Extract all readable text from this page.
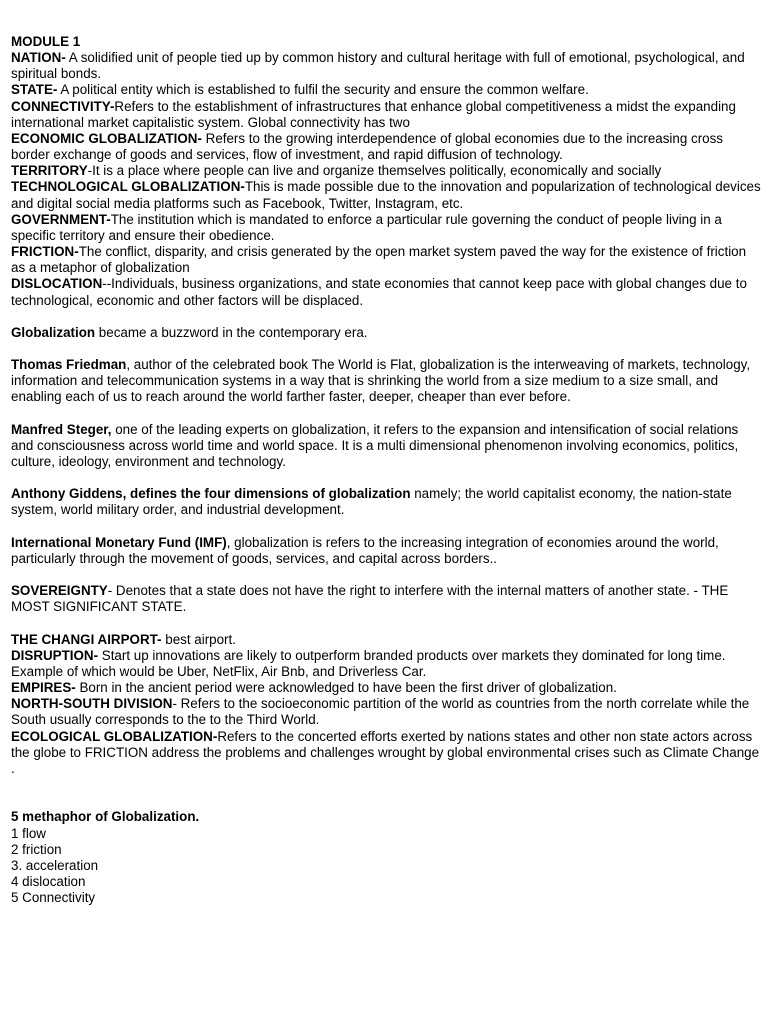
MODULE 1

NATION- A solidified unit of people tied up by common history and cultural heritage with full of emotional, psychological, and spiritual bonds.

STATE- A political entity which is established to fulfil the security and ensure the common welfare.

CONNECTIVITY-Refers to the establishment of infrastructures that enhance global competitiveness a midst the expanding international market capitalistic system. Global connectivity has two

ECONOMIC GLOBALIZATION- Refers to the growing interdependence of global economies due to the increasing cross border exchange of goods and services, flow of investment, and rapid diffusion of technology.

TERRITORY-It is a place where people can live and organize themselves politically, economically and socially

TECHNOLOGICAL GLOBALIZATION-This is made possible due to the innovation and popularization of technological devices and digital social media platforms such as Facebook, Twitter, Instagram, etc.

GOVERNMENT-The institution which is mandated to enforce a particular rule governing the conduct of people living in a specific territory and ensure their obedience.

FRICTION-The conflict, disparity, and crisis generated by the open market system paved the way for the existence of friction as a metaphor of globalization

DISLOCATION--Individuals, business organizations, and state economies that cannot keep pace with global changes due to technological, economic and other factors will be displaced.

Globalization became a buzzword in the contemporary era.

Thomas Friedman, author of the celebrated book The World is Flat, globalization is the interweaving of markets, technology, information and telecommunication systems in a way that is shrinking the world from a size medium to a size small, and enabling each of us to reach around the world farther faster, deeper, cheaper than ever before.

Manfred Steger, one of the leading experts on globalization, it refers to the expansion and intensification of social relations and consciousness across world time and world space. It is a multi dimensional phenomenon involving economics, politics, culture, ideology, environment and technology.

Anthony Giddens, defines the four dimensions of globalization namely; the world capitalist economy, the nation-state system, world military order, and industrial development.

International Monetary Fund (IMF), globalization is refers to the increasing integration of economies around the world, particularly through the movement of goods, services, and capital across borders..

SOVEREIGNTY- Denotes that a state does not have the right to interfere with the internal matters of another state. - THE MOST SIGNIFICANT STATE.

THE CHANGI AIRPORT- best airport.

DISRUPTION- Start up innovations are likely to outperform branded products over markets they dominated for long time. Example of which would be Uber, NetFlix, Air Bnb, and Driverless Car.

EMPIRES- Born in the ancient period were acknowledged to have been the first driver of globalization.

NORTH-SOUTH DIVISION- Refers to the socioeconomic partition of the world as countries from the north correlate while the South usually corresponds to the to the Third World.

ECOLOGICAL GLOBALIZATION-Refers to the concerted efforts exerted by nations states and other non state actors across the globe to FRICTION address the problems and challenges wrought by global environmental crises such as Climate Change .

5 methaphor of Globalization.
1 flow
2 friction
3. acceleration
4 dislocation
5 Connectivity
